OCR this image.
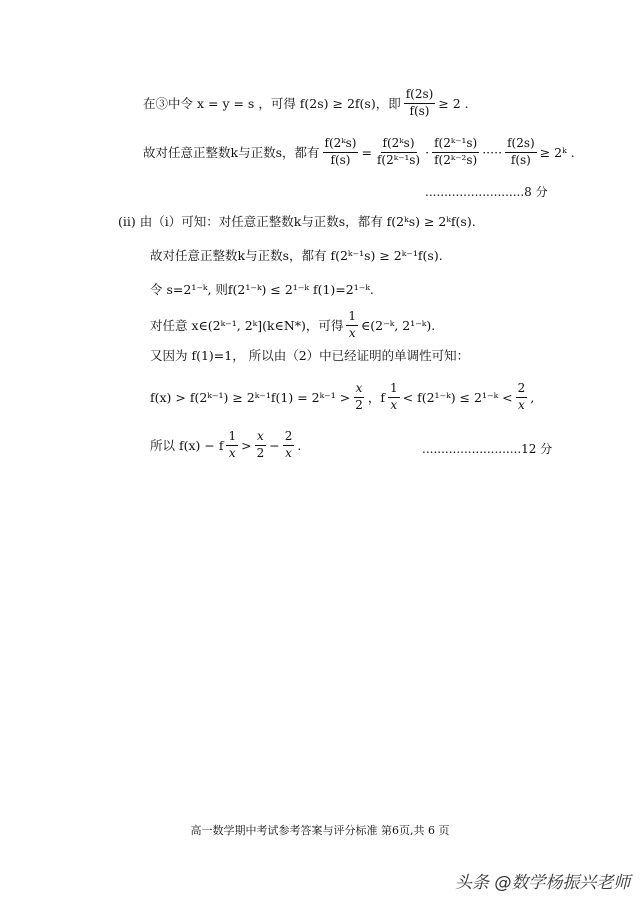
在③中令 x = y = s ，可得 f(2s) ≥ 2f(s)，即 $\frac{f(2s)}{f(s)} \ge 2$ .
故对任意正整数k与正数s，都有 $\frac{\text{f(2ᵏs)}}{f(s)} = \frac{\text{f(2ᵏs)}}{\text{f(2ᵏ⁻¹s)}} \cdot \frac{\text{f(2ᵏ⁻¹s)}}{\text{f(2ᵏ⁻²s)}}$ ····· $\frac{f(2s)}{f(s)}$ ≥ 2ᵏ .
..........................8 分
(ii) 由（i）可知：对任意正整数k与正数s，都有 f(2ᵏs) ≥ 2ᵏf(s).
故对任意正整数k与正数s，都有 f(2ᵏ⁻¹s) ≥ 2ᵏ⁻¹f(s).
令 s=2¹⁻ᵏ, 则f(2¹⁻ᵏ) ≤ 2¹⁻ᵏ f(1)=2¹⁻ᵏ.
对任意 x∈(2ᵏ⁻¹, 2ᵏ](k∈N*)，可得 $\frac{1}{x}$ ∈(2⁻ᵏ, 2¹⁻ᵏ).
又因为 f(1)=1， 所以由（2）中已经证明的单调性可知：
f(x) > f(2ᵏ⁻¹) ≥ 2ᵏ⁻¹f(1) = 2ᵏ⁻¹ > $\frac{x}{2}$ ，f $\frac{1}{x}$ < f(2¹⁻ᵏ) ≤ 2¹⁻ᵏ < $\frac{2}{x}$ ,
所以 f(x) − f $\frac{1}{x} > \frac{x}{2} - \frac{2}{x}$ .	..........................12 分
高一数学期中考试参考答案与评分标准 第6页,共 6 页
头条 @数学杨振兴老师
